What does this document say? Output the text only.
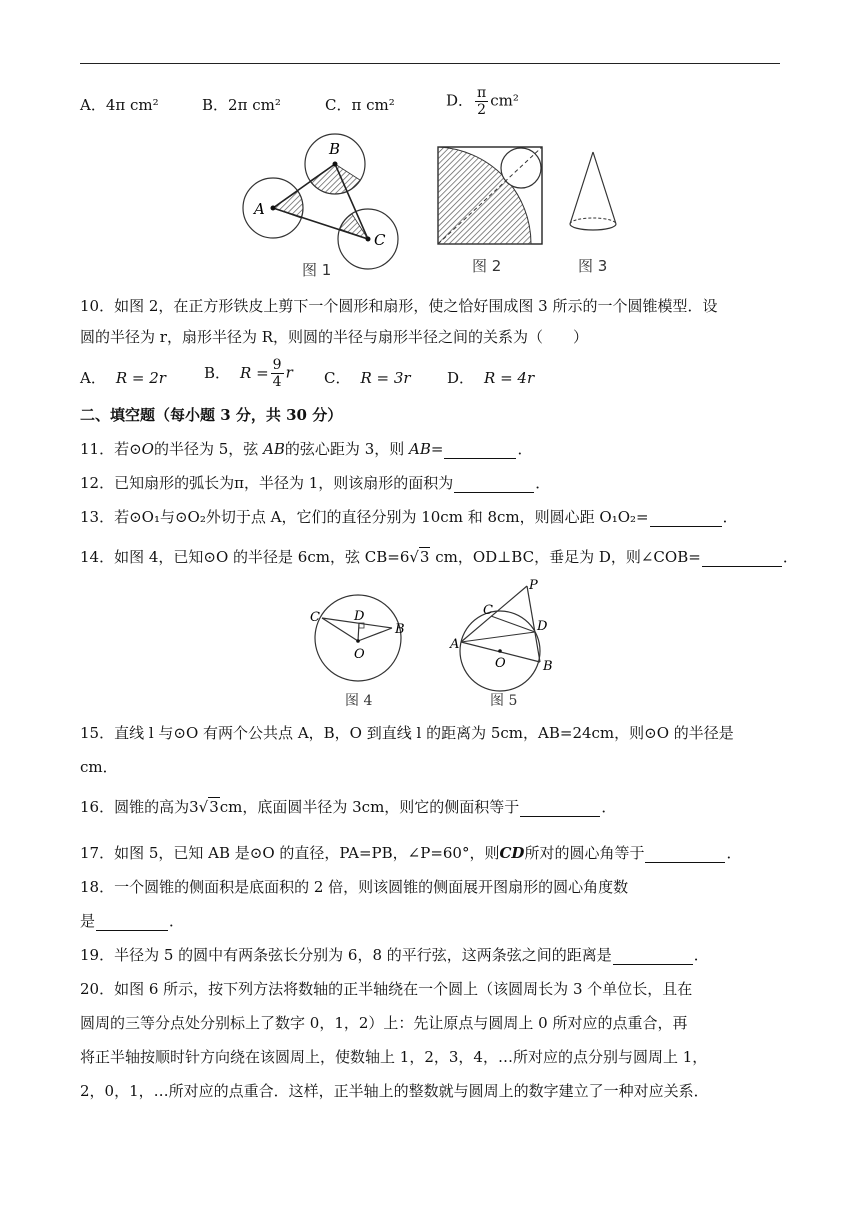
A．4π cm²	B．2π cm²	C．π cm²	D． $\frac{\pi}{2} cm^2$
A
B
C
图 1	图 2	图 3
10．如图 2，在正方形铁皮上剪下一个圆形和扇形，使之恰好围成图 3 所示的一个圆锥模型．设
圆的半径为 r，扇形半径为 R，则圆的半径与扇形半径之间的关系为（　　）
A． R = 2r	B． $R = \frac{9}{4}$ r C． R = 3r D． R = 4r
二、填空题（每小题 3 分，共 30 分）
11．若⊙O的半径为 5，弦 AB的弦心距为 3，则 AB=	．
12．已知扇形的弧长为π，半径为 1，则该扇形的面积为	．
13．若⊙O₁与⊙O₂外切于点 A，它们的直径分别为 10cm 和 8cm，则圆心距 O₁O₂=	．
14．如图 4，已知⊙O 的半径是 6cm，弦 CB=6√3 cm，OD⊥BC，垂足为 D，则∠COB=	．
C	D
B
O
P
C
D
A
O	B
图 4	图 5
15．直线 l 与⊙O 有两个公共点 A，B，O 到直线 l 的距离为 5cm，AB=24cm，则⊙O 的半径是
cm．
16．圆锥的高为3√3cm，底面圆半径为 3cm，则它的侧面积等于	．
17．如图 5，已知 AB 是⊙O 的直径，PA=PB，∠P=60°，则CD所对的圆心角等于	．
18．一个圆锥的侧面积是底面积的 2 倍，则该圆锥的侧面展开图扇形的圆心角度数
是	．
19．半径为 5 的圆中有两条弦长分别为 6，8 的平行弦，这两条弦之间的距离是	．
20．如图 6 所示，按下列方法将数轴的正半轴绕在一个圆上（该圆周长为 3 个单位长，且在
圆周的三等分点处分别标上了数字 0，1，2）上：先让原点与圆周上 0 所对应的点重合，再
将正半轴按顺时针方向绕在该圆周上，使数轴上 1，2，3，4，…所对应的点分别与圆周上 1，
2，0，1，…所对应的点重合．这样，正半轴上的整数就与圆周上的数字建立了一种对应关系．
